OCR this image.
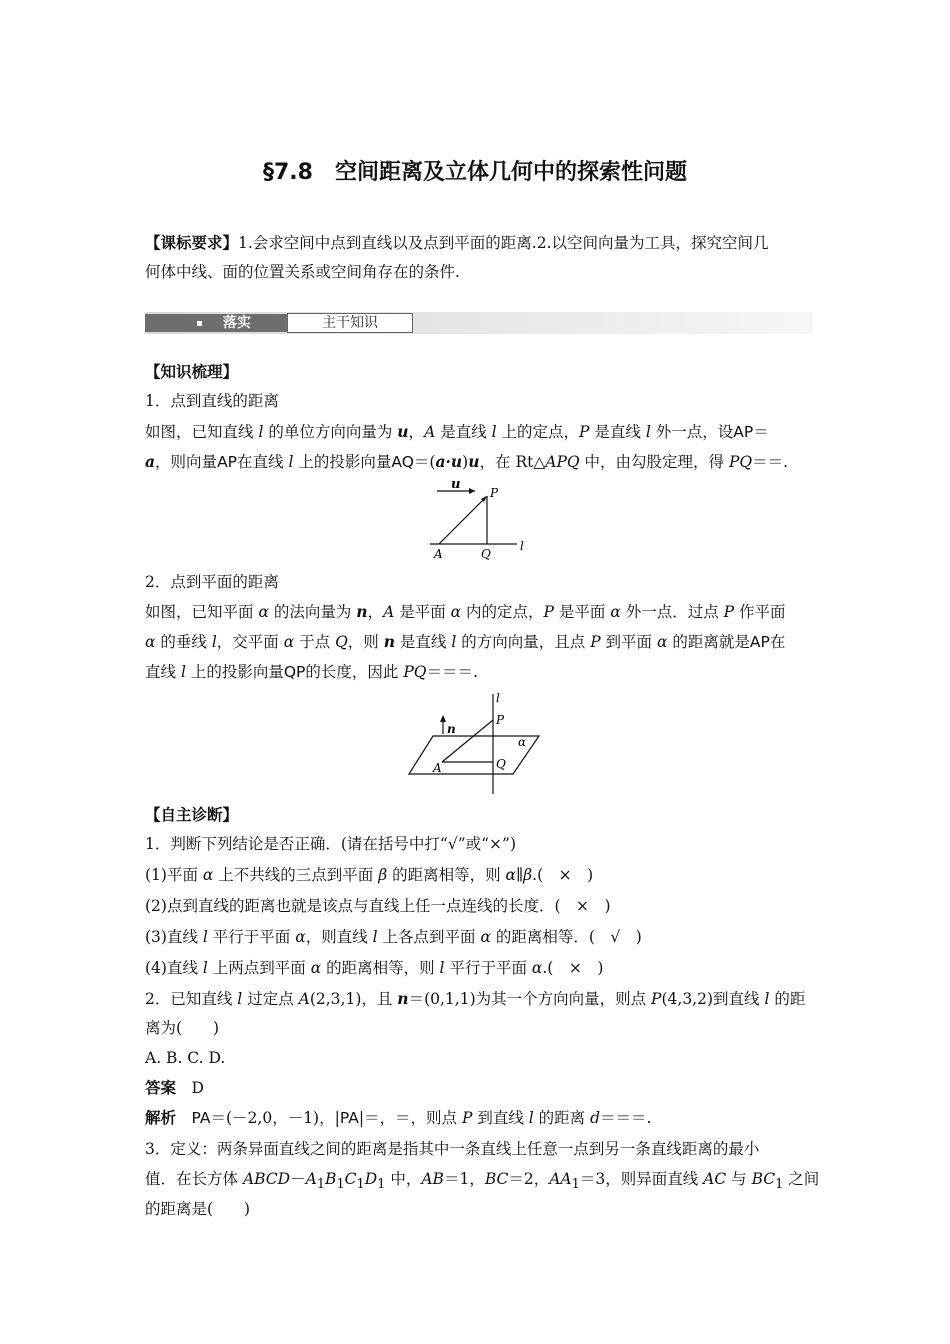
§7.8　空间距离及立体几何中的探索性问题
【课标要求】1.会求空间中点到直线以及点到平面的距离.2.以空间向量为工具，探究空间几
何体中线、面的位置关系或空间角存在的条件.
落实	主干知识
【知识梳理】
1．点到直线的距离
如图，已知直线 l 的单位方向向量为 u，A 是直线 l 上的定点，P 是直线 l 外一点，设AP＝
a，则向量AP在直线 l 上的投影向量AQ＝(a·u)u，在 Rt△APQ 中，由勾股定理，得 PQ＝＝.
u
P
A	Q
l
2．点到平面的距离
如图，已知平面 α 的法向量为 n，A 是平面 α 内的定点，P 是平面 α 外一点．过点 P 作平面
α 的垂线 l，交平面 α 于点 Q，则 n 是直线 l 的方向向量，且点 P 到平面 α 的距离就是AP在
直线 l 上的投影向量QP的长度，因此 PQ＝＝＝.
l
n
P
α
A	Q
【自主诊断】
1．判断下列结论是否正确．(请在括号中打“√”或“×”)
(1)平面 α 上不共线的三点到平面 β 的距离相等，则 α∥β.(　×　)
(2)点到直线的距离也就是该点与直线上任一点连线的长度．(　×　)
(3)直线 l 平行于平面 α，则直线 l 上各点到平面 α 的距离相等．(　√　)
(4)直线 l 上两点到平面 α 的距离相等，则 l 平行于平面 α.(　×　)
2．已知直线 l 过定点 A(2,3,1)，且 n＝(0,1,1)为其一个方向向量，则点 P(4,3,2)到直线 l 的距
离为(　　)
A. B. C. D.
答案　 D
解析　 PA＝(－2,0，－1)，|PA|＝，＝，则点 P 到直线 l 的距离 d＝＝＝.
3．定义：两条异面直线之间的距离是指其中一条直线上任意一点到另一条直线距离的最小
值．在长方体 $ABCD-A_1B_1C_1D_1$ 中，AB＝1，BC＝2，$AA_1=3$，则异面直线 AC 与 $BC_1$ 之间
的距离是(　　)
